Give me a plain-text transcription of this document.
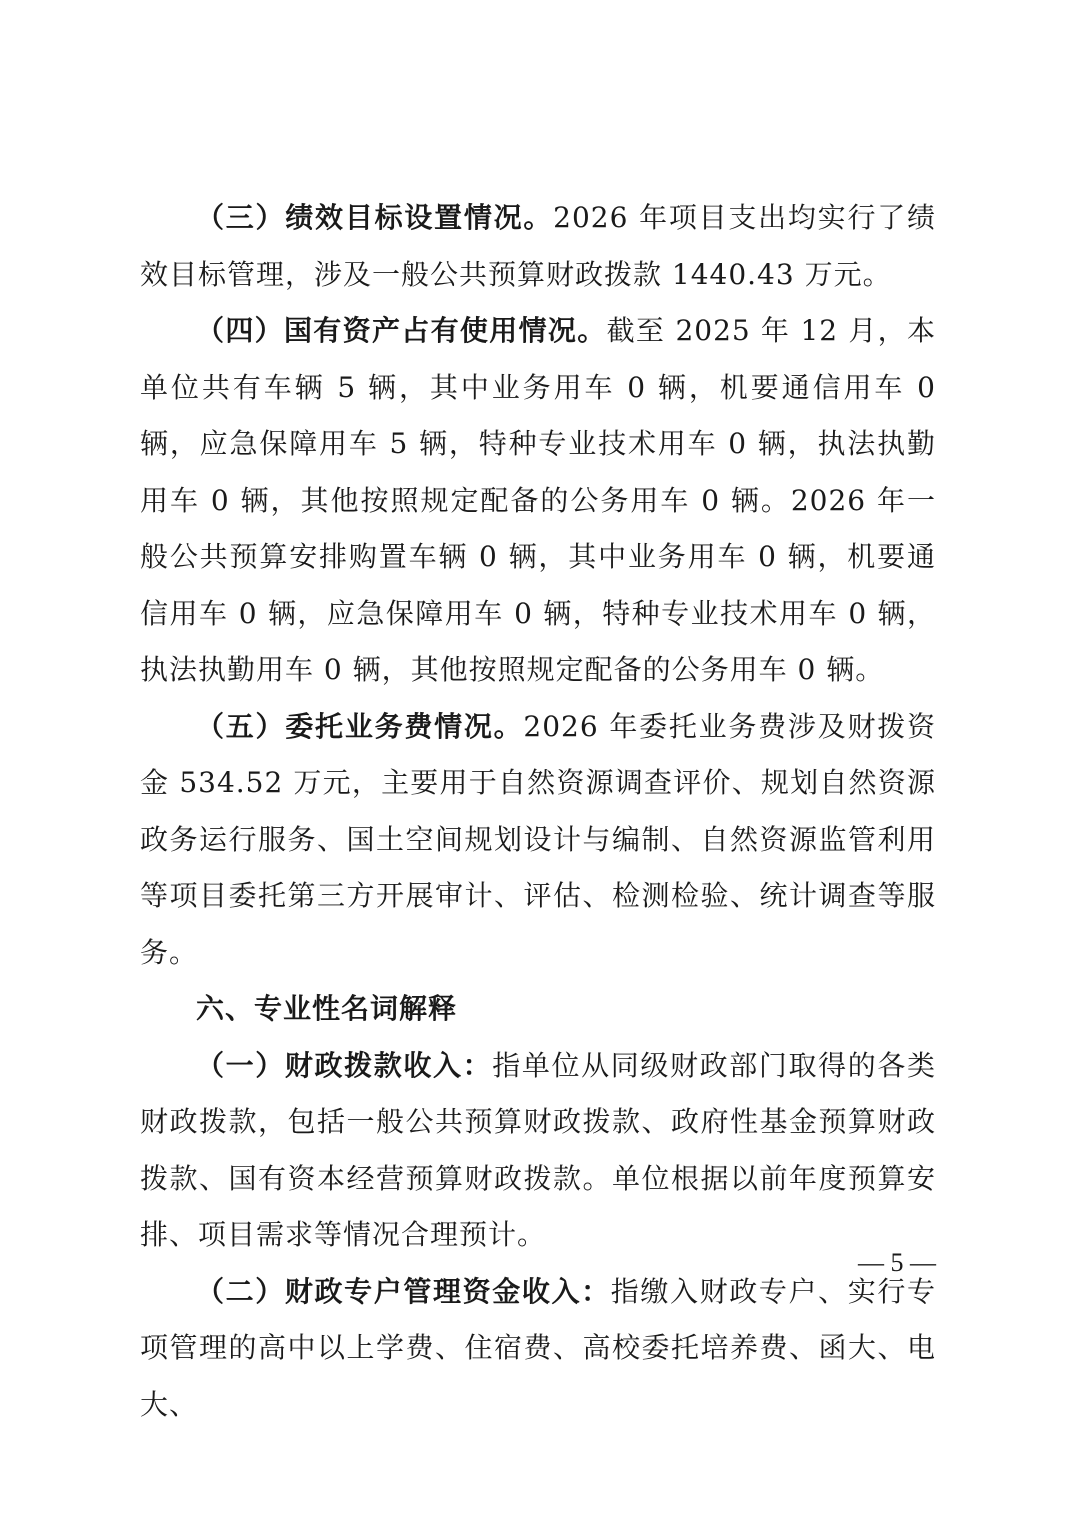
（三）绩效目标设置情况。2026 年项目支出均实行了绩效目标管理，涉及一般公共预算财政拨款 1440.43 万元。

（四）国有资产占有使用情况。截至 2025 年 12 月，本单位共有车辆 5 辆，其中业务用车 0 辆，机要通信用车 0 辆，应急保障用车 5 辆，特种专业技术用车 0 辆，执法执勤用车 0 辆，其他按照规定配备的公务用车 0 辆。2026 年一般公共预算安排购置车辆 0 辆，其中业务用车 0 辆，机要通信用车 0 辆，应急保障用车 0 辆，特种专业技术用车 0 辆，执法执勤用车 0 辆，其他按照规定配备的公务用车 0 辆。

（五）委托业务费情况。2026 年委托业务费涉及财拨资金 534.52 万元，主要用于自然资源调查评价、规划自然资源政务运行服务、国土空间规划设计与编制、自然资源监管利用等项目委托第三方开展审计、评估、检测检验、统计调查等服务。

六、专业性名词解释

（一）财政拨款收入：指单位从同级财政部门取得的各类财政拨款，包括一般公共预算财政拨款、政府性基金预算财政拨款、国有资本经营预算财政拨款。单位根据以前年度预算安排、项目需求等情况合理预计。

（二）财政专户管理资金收入：指缴入财政专户、实行专项管理的高中以上学费、住宿费、高校委托培养费、函大、电大、

— 5 —
